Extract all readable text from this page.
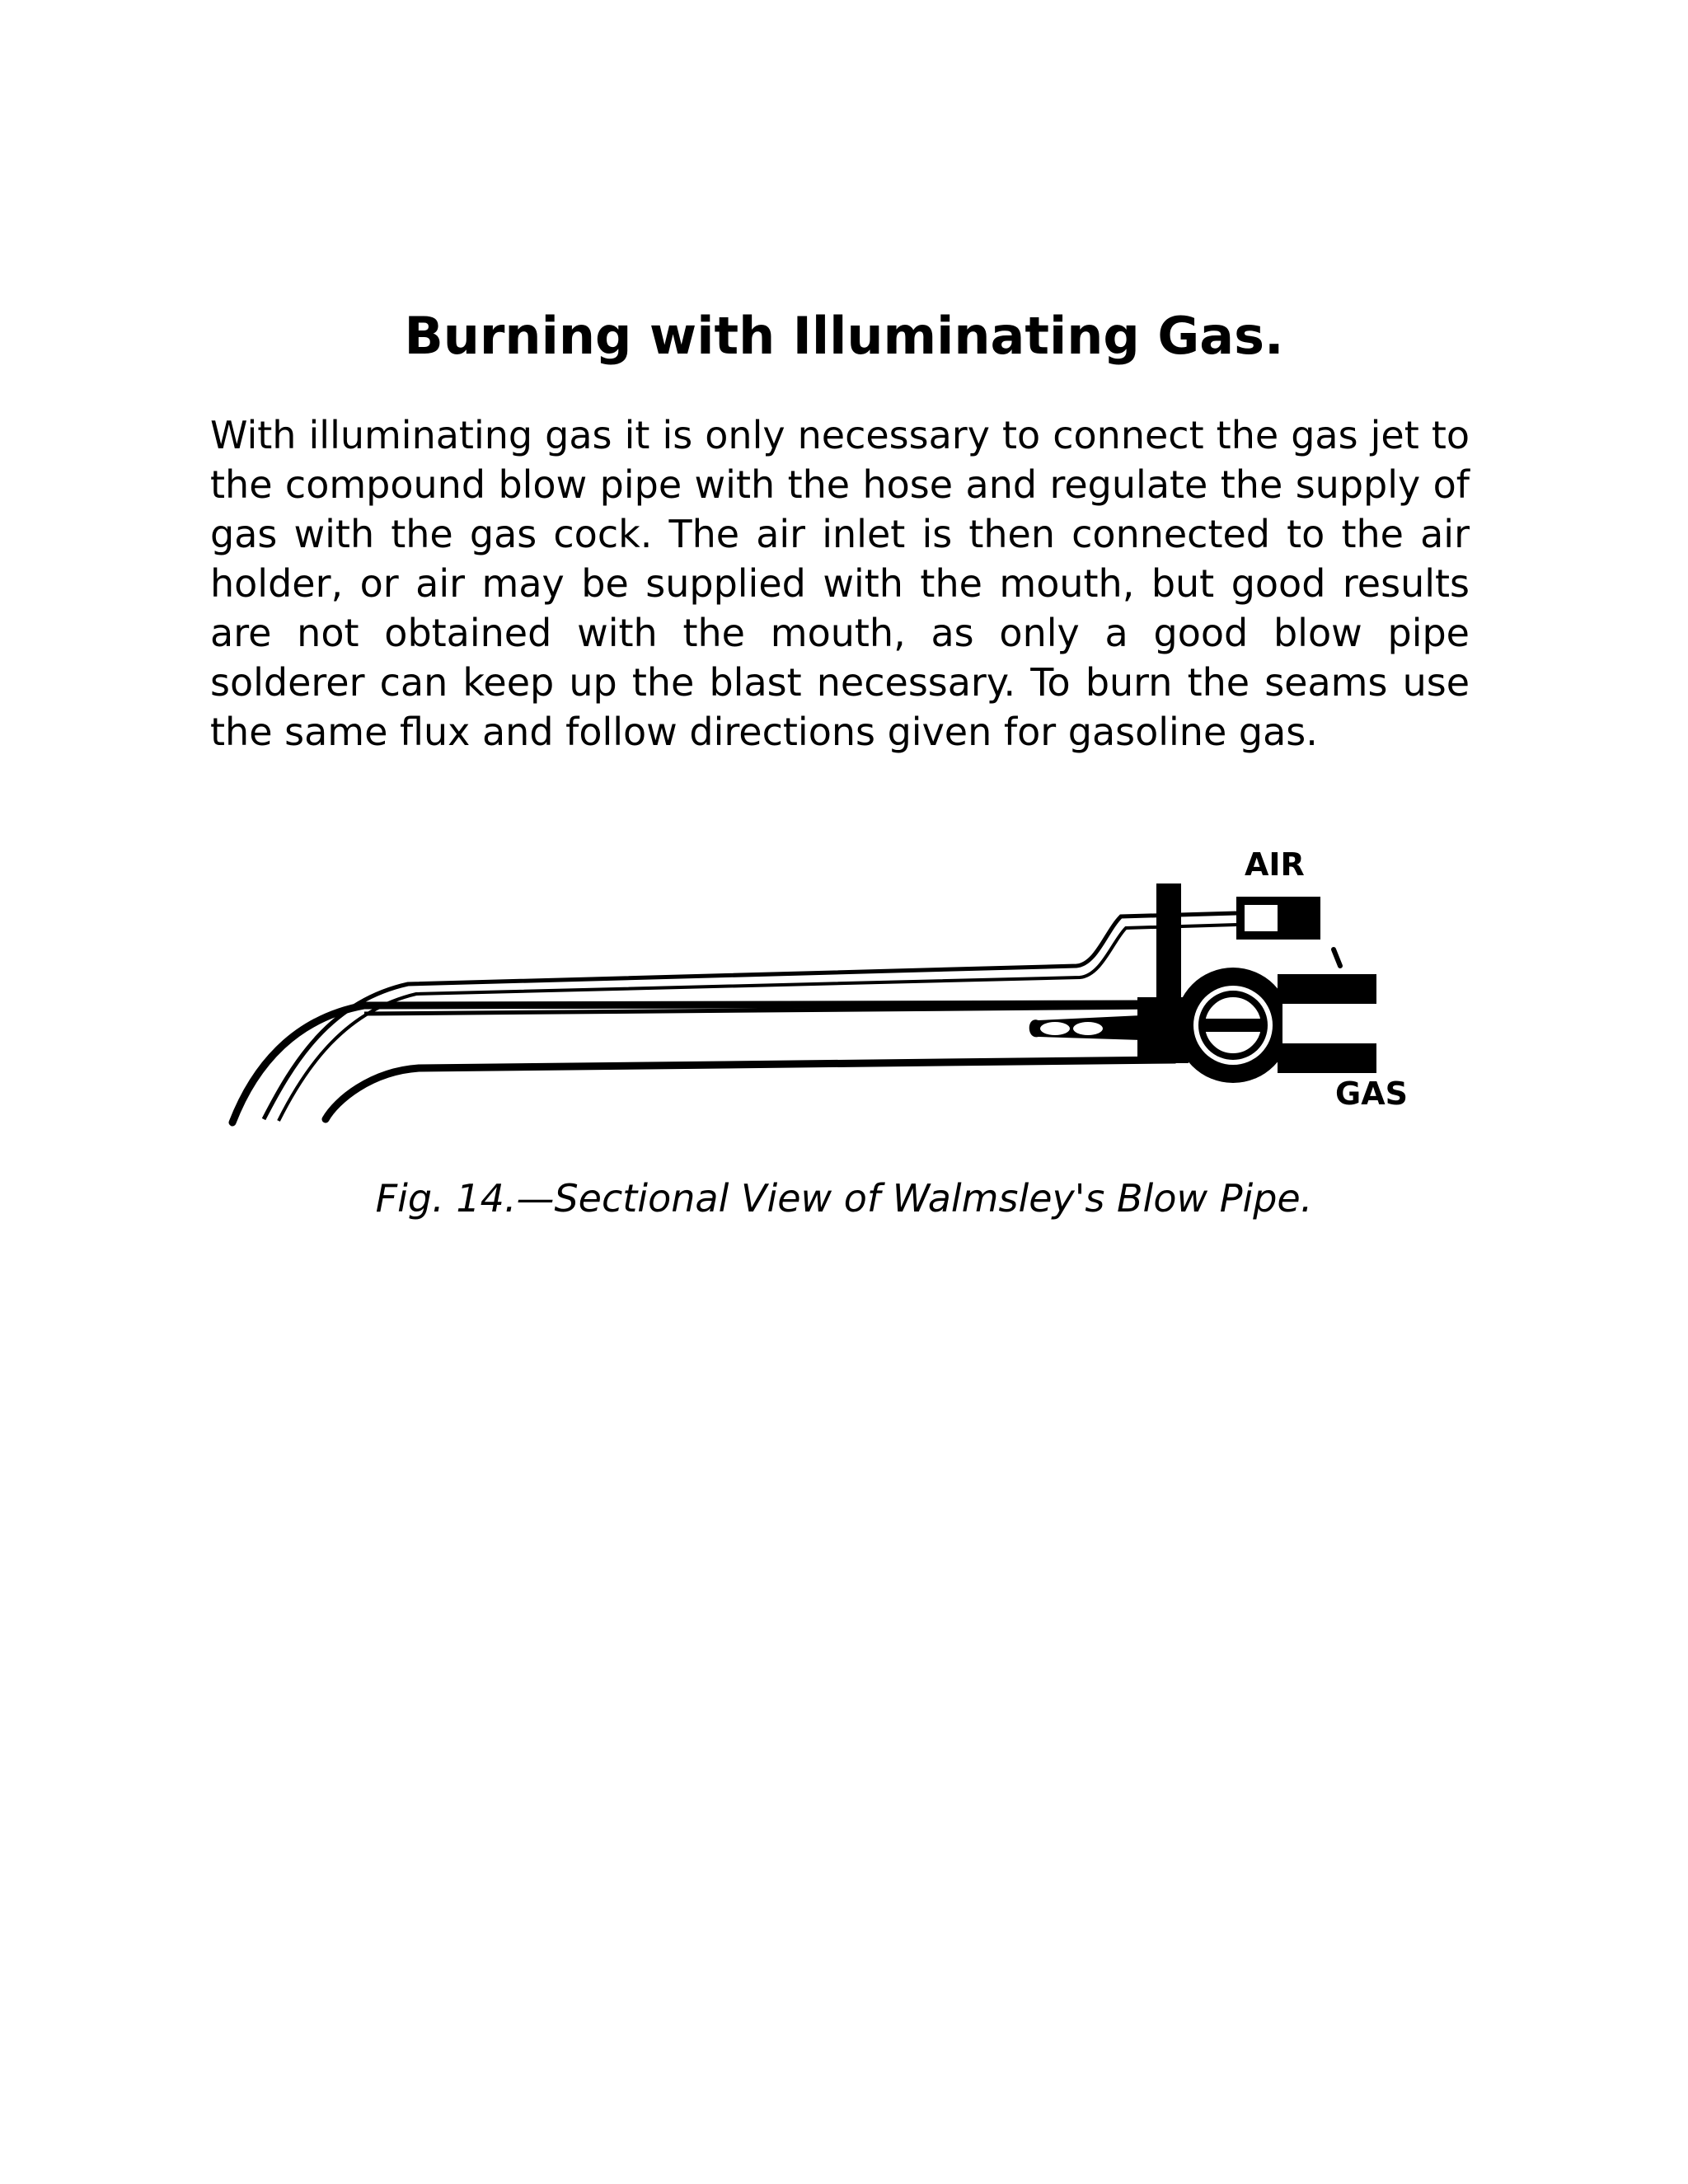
Burning with Illuminating Gas.

With illuminating gas it is only necessary to connect the gas jet to the compound blow pipe with the hose and regulate the supply of gas with the gas cock. The air inlet is then connected to the air holder, or air may be supplied with the mouth, but good results are not obtained with the mouth, as only a good blow pipe solderer can keep up the blast necessary. To burn the seams use the same flux and follow directions given for gasoline gas.

AIR
GAS

Fig. 14.—Sectional View of Walmsley's Blow Pipe.
